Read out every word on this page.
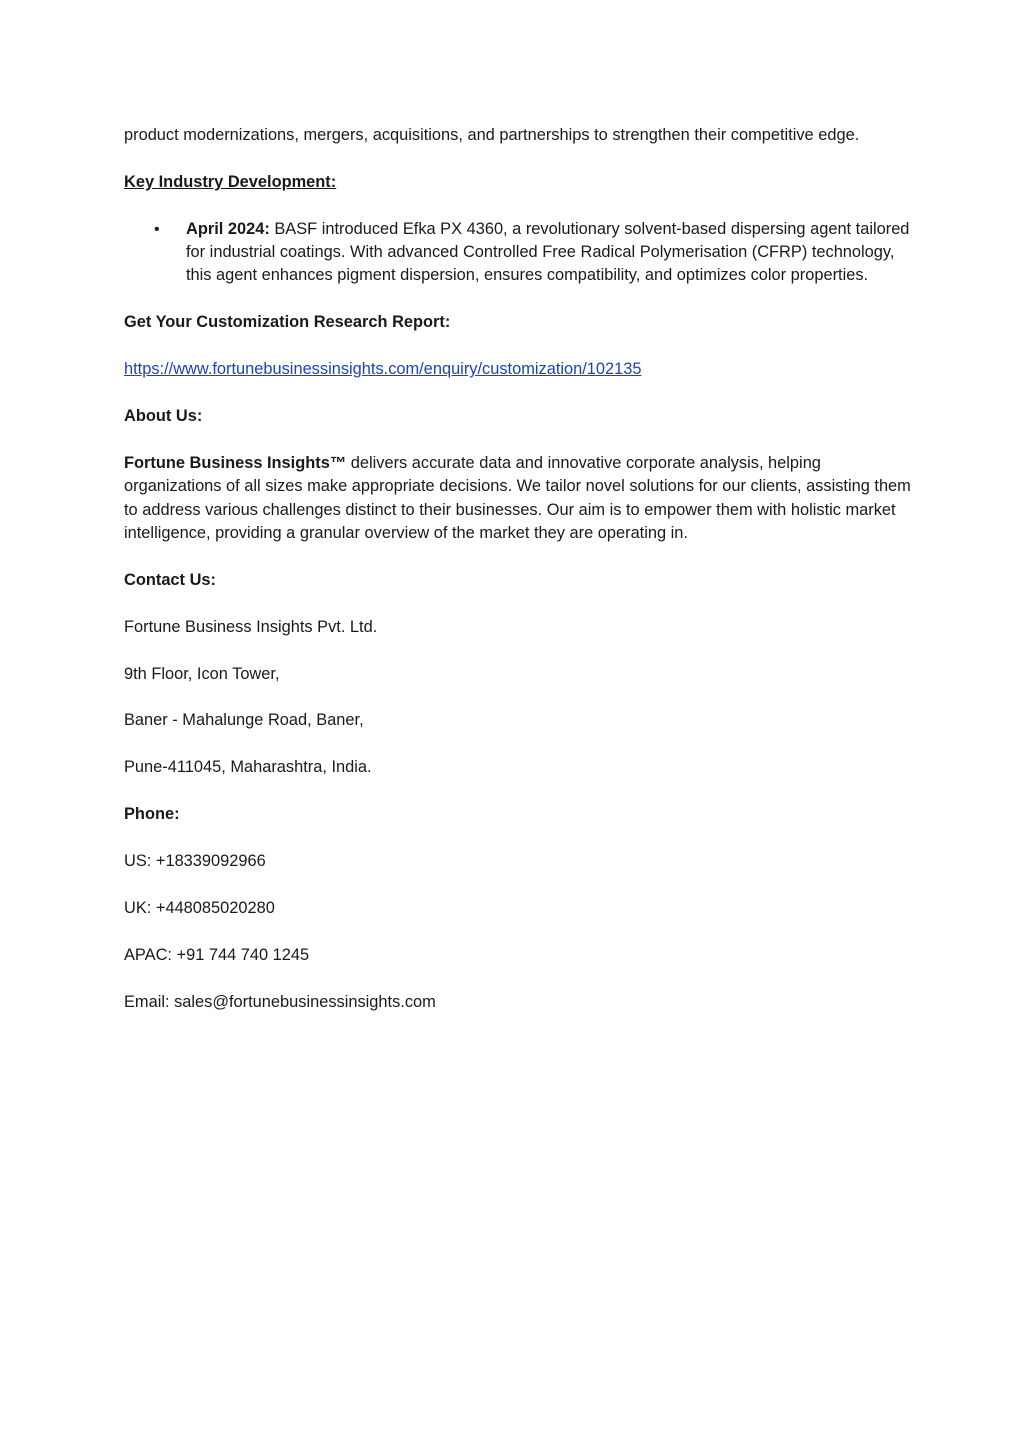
product modernizations, mergers, acquisitions, and partnerships to strengthen their competitive edge.

Key Industry Development:

• April 2024: BASF introduced Efka PX 4360, a revolutionary solvent-based dispersing agent tailored for industrial coatings. With advanced Controlled Free Radical Polymerisation (CFRP) technology, this agent enhances pigment dispersion, ensures compatibility, and optimizes color properties.

Get Your Customization Research Report:

https://www.fortunebusinessinsights.com/enquiry/customization/102135

About Us:

Fortune Business Insights™ delivers accurate data and innovative corporate analysis, helping organizations of all sizes make appropriate decisions. We tailor novel solutions for our clients, assisting them to address various challenges distinct to their businesses. Our aim is to empower them with holistic market intelligence, providing a granular overview of the market they are operating in.

Contact Us:

Fortune Business Insights Pvt. Ltd.

9th Floor, Icon Tower,

Baner - Mahalunge Road, Baner,

Pune-411045, Maharashtra, India.

Phone:

US: +18339092966

UK: +448085020280

APAC: +91 744 740 1245

Email: sales@fortunebusinessinsights.com
